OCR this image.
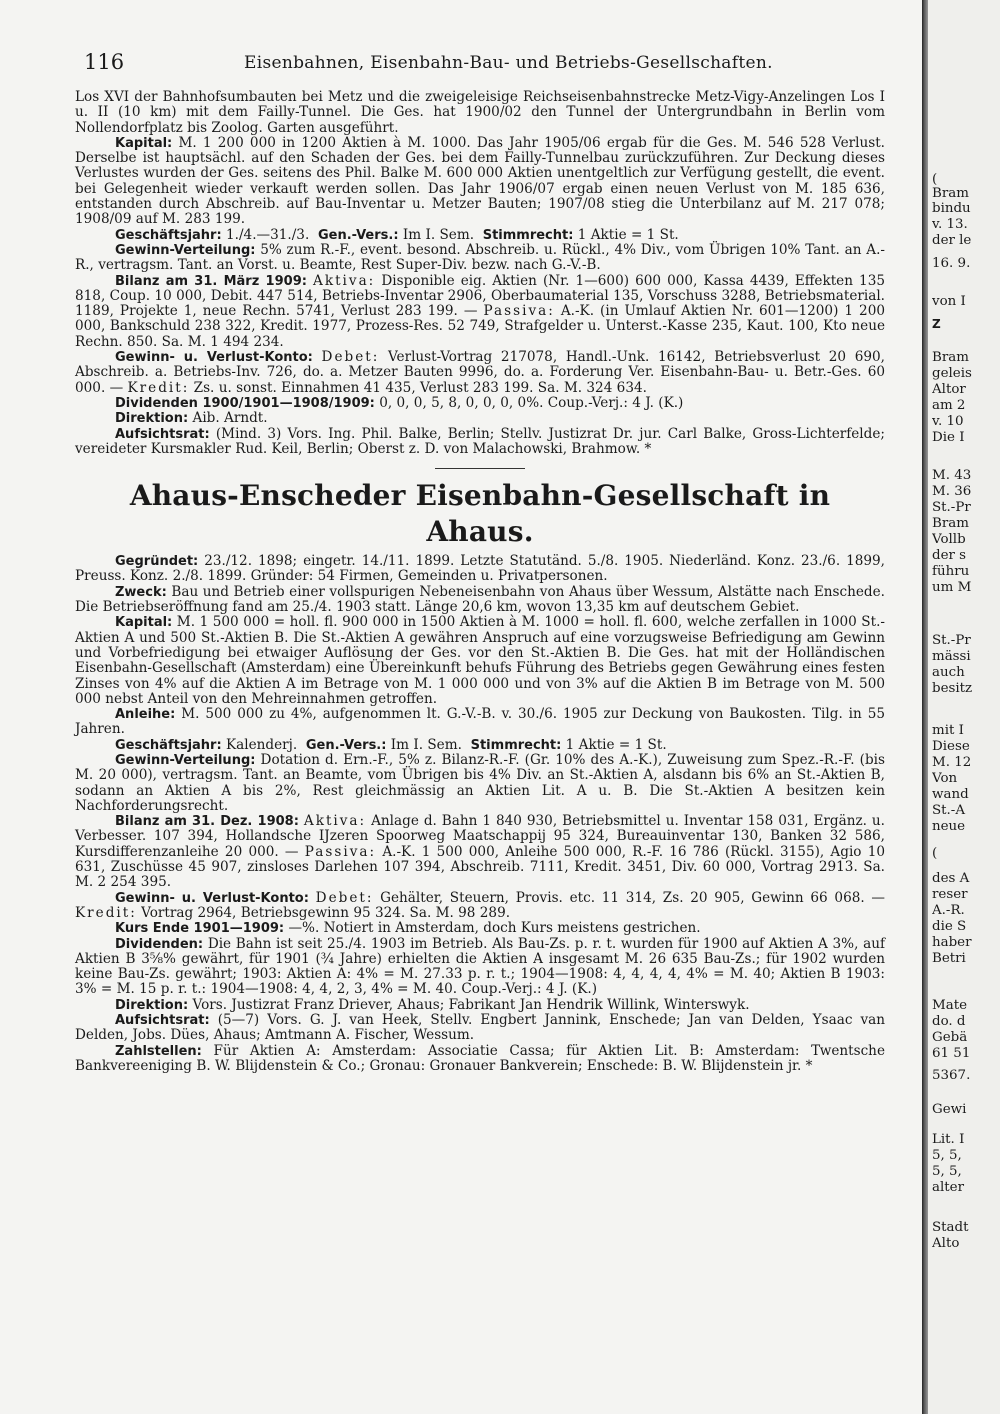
116	Eisenbahnen, Eisenbahn-Bau- und Betriebs-Gesellschaften.

Los XVI der Bahnhofsumbauten bei Metz und die zweigeleisige Reichseisenbahnstrecke Metz-Vigy-Anzelingen Los I u. II (10 km) mit dem Failly-Tunnel. Die Ges. hat 1900/02 den Tunnel der Untergrundbahn in Berlin vom Nollendorfplatz bis Zoolog. Garten ausgeführt.

Kapital: M. 1 200 000 in 1200 Aktien à M. 1000. Das Jahr 1905/06 ergab für die Ges. M. 546 528 Verlust. Derselbe ist hauptsächl. auf den Schaden der Ges. bei dem Failly-Tunnelbau zurückzuführen. Zur Deckung dieses Verlustes wurden der Ges. seitens des Phil. Balke M. 600 000 Aktien unentgeltlich zur Verfügung gestellt, die event. bei Gelegenheit wieder verkauft werden sollen. Das Jahr 1906/07 ergab einen neuen Verlust von M. 185 636, entstanden durch Abschreib. auf Bau-Inventar u. Metzer Bauten; 1907/08 stieg die Unterbilanz auf M. 217 078; 1908/09 auf M. 283 199.

Geschäftsjahr: 1./4.—31./3. Gen.-Vers.: Im I. Sem. Stimmrecht: 1 Aktie = 1 St.

Gewinn-Verteilung: 5% zum R.-F., event. besond. Abschreib. u. Rückl., 4% Div., vom Übrigen 10% Tant. an A.-R., vertragsm. Tant. an Vorst. u. Beamte, Rest Super-Div. bezw. nach G.-V.-B.

Bilanz am 31. März 1909: Aktiva: Disponible eig. Aktien (Nr. 1—600) 600 000, Kassa 4439, Effekten 135 818, Coup. 10 000, Debit. 447 514, Betriebs-Inventar 2906, Oberbaumaterial 135, Vorschuss 3288, Betriebsmaterial. 1189, Projekte 1, neue Rechn. 5741, Verlust 283 199. — Passiva: A.-K. (in Umlauf Aktien Nr. 601—1200) 1 200 000, Bankschuld 238 322, Kredit. 1977, Prozess-Res. 52 749, Strafgelder u. Unterst.-Kasse 235, Kaut. 100, Kto neue Rechn. 850. Sa. M. 1 494 234.

Gewinn- u. Verlust-Konto: Debet: Verlust-Vortrag 217078, Handl.-Unk. 16142, Betriebsverlust 20 690, Abschreib. a. Betriebs-Inv. 726, do. a. Metzer Bauten 9996, do. a. Forderung Ver. Eisenbahn-Bau- u. Betr.-Ges. 60 000. — Kredit: Zs. u. sonst. Einnahmen 41 435, Verlust 283 199. Sa. M. 324 634.

Dividenden 1900/1901—1908/1909: 0, 0, 0, 5, 8, 0, 0, 0, 0%. Coup.-Verj.: 4 J. (K.)

Direktion: Aib. Arndt.

Aufsichtsrat: (Mind. 3) Vors. Ing. Phil. Balke, Berlin; Stellv. Justizrat Dr. jur. Carl Balke, Gross-Lichterfelde; vereideter Kursmakler Rud. Keil, Berlin; Oberst z. D. von Malachowski, Brahmow. *

Ahaus-Enscheder Eisenbahn-Gesellschaft in Ahaus.

Gegründet: 23./12. 1898; eingetr. 14./11. 1899. Letzte Statutänd. 5./8. 1905. Niederländ. Konz. 23./6. 1899, Preuss. Konz. 2./8. 1899. Gründer: 54 Firmen, Gemeinden u. Privatpersonen.

Zweck: Bau und Betrieb einer vollspurigen Nebeneisenbahn von Ahaus über Wessum, Alstätte nach Enschede. Die Betriebseröffnung fand am 25./4. 1903 statt. Länge 20,6 km, wovon 13,35 km auf deutschem Gebiet.

Kapital: M. 1 500 000 = holl. fl. 900 000 in 1500 Aktien à M. 1000 = holl. fl. 600, welche zerfallen in 1000 St.-Aktien A und 500 St.-Aktien B. Die St.-Aktien A gewähren Anspruch auf eine vorzugsweise Befriedigung am Gewinn und Vorbefriedigung bei etwaiger Auflösung der Ges. vor den St.-Aktien B. Die Ges. hat mit der Holländischen Eisenbahn-Gesellschaft (Amsterdam) eine Übereinkunft behufs Führung des Betriebs gegen Gewährung eines festen Zinses von 4% auf die Aktien A im Betrage von M. 1 000 000 und von 3% auf die Aktien B im Betrage von M. 500 000 nebst Anteil von den Mehreinnahmen getroffen.

Anleihe: M. 500 000 zu 4%, aufgenommen lt. G.-V.-B. v. 30./6. 1905 zur Deckung von Baukosten. Tilg. in 55 Jahren.

Geschäftsjahr: Kalenderj. Gen.-Vers.: Im I. Sem. Stimmrecht: 1 Aktie = 1 St.

Gewinn-Verteilung: Dotation d. Ern.-F., 5% z. Bilanz-R.-F. (Gr. 10% des A.-K.), Zuweisung zum Spez.-R.-F. (bis M. 20 000), vertragsm. Tant. an Beamte, vom Übrigen bis 4% Div. an St.-Aktien A, alsdann bis 6% an St.-Aktien B, sodann an Aktien A bis 2%, Rest gleichmässig an Aktien Lit. A u. B. Die St.-Aktien A besitzen kein Nachforderungsrecht.

Bilanz am 31. Dez. 1908: Aktiva: Anlage d. Bahn 1 840 930, Betriebsmittel u. Inventar 158 031, Ergänz. u. Verbesser. 107 394, Hollandsche IJzeren Spoorweg Maatschappij 95 324, Bureauinventar 130, Banken 32 586, Kursdifferenzanleihe 20 000. — Passiva: A.-K. 1 500 000, Anleihe 500 000, R.-F. 16 786 (Rückl. 3155), Agio 10 631, Zuschüsse 45 907, zinsloses Darlehen 107 394, Abschreib. 7111, Kredit. 3451, Div. 60 000, Vortrag 2913. Sa. M. 2 254 395.

Gewinn- u. Verlust-Konto: Debet: Gehälter, Steuern, Provis. etc. 11 314, Zs. 20 905, Gewinn 66 068. — Kredit: Vortrag 2964, Betriebsgewinn 95 324. Sa. M. 98 289.

Kurs Ende 1901—1909: —%. Notiert in Amsterdam, doch Kurs meistens gestrichen.

Dividenden: Die Bahn ist seit 25./4. 1903 im Betrieb. Als Bau-Zs. p. r. t. wurden für 1900 auf Aktien A 3%, auf Aktien B 3⅝% gewährt, für 1901 (¾ Jahre) erhielten die Aktien A insgesamt M. 26 635 Bau-Zs.; für 1902 wurden keine Bau-Zs. gewährt; 1903: Aktien A: 4% = M. 27.33 p. r. t.; 1904—1908: 4, 4, 4, 4, 4% = M. 40; Aktien B 1903: 3% = M. 15 p. r. t.: 1904—1908: 4, 4, 2, 3, 4% = M. 40. Coup.-Verj.: 4 J. (K.)

Direktion: Vors. Justizrat Franz Driever, Ahaus; Fabrikant Jan Hendrik Willink, Winterswyk.

Aufsichtsrat: (5—7) Vors. G. J. van Heek, Stellv. Engbert Jannink, Enschede; Jan van Delden, Ysaac van Delden, Jobs. Dües, Ahaus; Amtmann A. Fischer, Wessum.

Zahlstellen: Für Aktien A: Amsterdam: Associatie Cassa; für Aktien Lit. B: Amsterdam: Twentsche Bankvereeniging B. W. Blijdenstein & Co.; Gronau: Gronauer Bankverein; Enschede: B. W. Blijdenstein jr. *

(
Bram
bindu
v. 13.
der le
16. 9.
von I
Z
Bram
geleis
Altor
am 2
v. 10
Die I
M. 43
M. 36
St.-Pr
Bram
Vollb
der s
führu
um M
St.-Pr
mässi
auch
besitz
mit I
Diese
M. 12
Von
wand
St.-A
neue
(
des A
reser
A.-R.
die S
haber
Betri
Mate
do. d
Gebä
61 51
5367.
Gewi
Lit. I
5, 5,
5, 5,
alter
Stadt
Alto
